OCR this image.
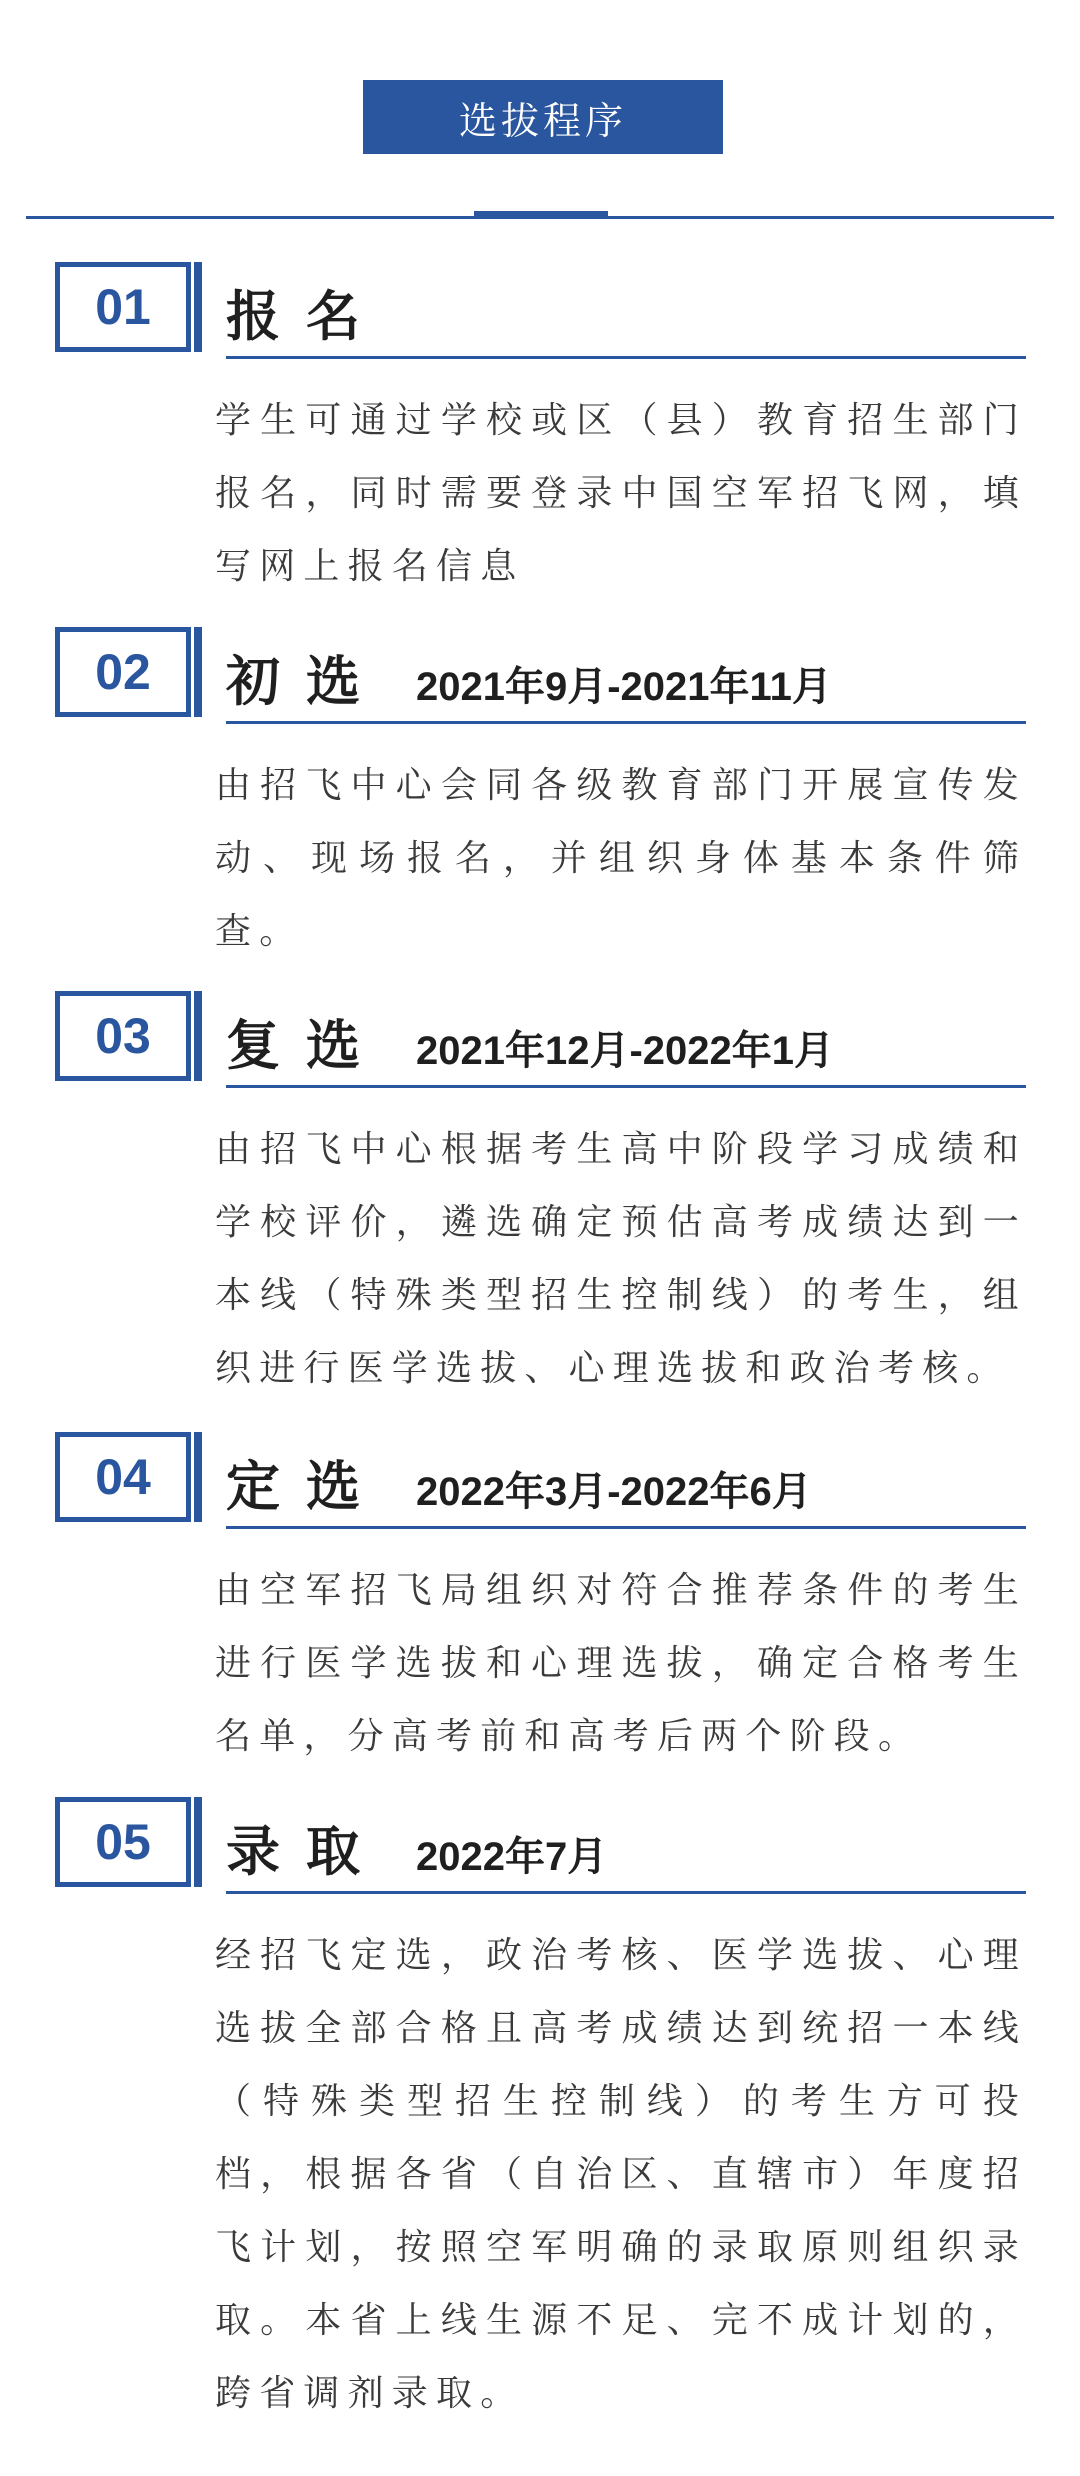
选拔程序
01 报名
学生可通过学校或区（县）教育招生部门报名，同时需要登录中国空军招飞网，填写网上报名信息
02 初选 2021年9月-2021年11月
由招飞中心会同各级教育部门开展宣传发动、现场报名，并组织身体基本条件筛查。
03 复选 2021年12月-2022年1月
由招飞中心根据考生高中阶段学习成绩和学校评价，遴选确定预估高考成绩达到一本线（特殊类型招生控制线）的考生，组织进行医学选拔、心理选拔和政治考核。
04 定选 2022年3月-2022年6月
由空军招飞局组织对符合推荐条件的考生进行医学选拔和心理选拔，确定合格考生名单，分高考前和高考后两个阶段。
05 录取 2022年7月
经招飞定选，政治考核、医学选拔、心理选拔全部合格且高考成绩达到统招一本线（特殊类型招生控制线）的考生方可投档，根据各省（自治区、直辖市）年度招飞计划，按照空军明确的录取原则组织录取。本省上线生源不足、完不成计划的，跨省调剂录取。
